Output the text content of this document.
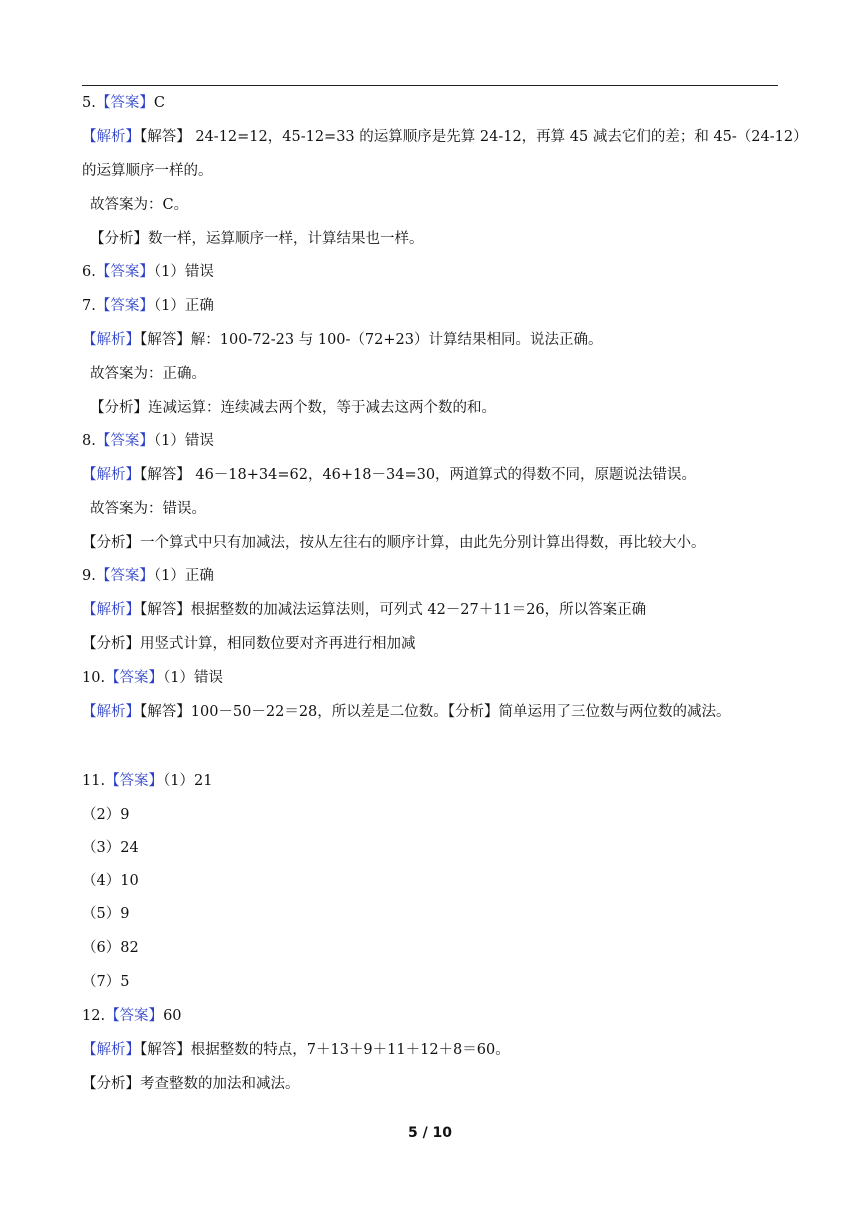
5.【答案】C
【解析】【解答】 24-12=12，45-12=33 的运算顺序是先算 24-12，再算 45 减去它们的差；和 45-（24-12）
的运算顺序一样的。
故答案为：C。
【分析】数一样，运算顺序一样，计算结果也一样。
6.【答案】（1）错误
7.【答案】（1）正确
【解析】【解答】解：100-72-23 与 100-（72+23）计算结果相同。说法正确。
故答案为：正确。
【分析】连减运算：连续减去两个数，等于减去这两个数的和。
8.【答案】（1）错误
【解析】【解答】 46－18+34=62，46+18－34=30，两道算式的得数不同，原题说法错误。
故答案为：错误。
【分析】一个算式中只有加减法，按从左往右的顺序计算，由此先分别计算出得数，再比较大小。
9.【答案】（1）正确
【解析】【解答】根据整数的加减法运算法则，可列式 42－27＋11＝26，所以答案正确
【分析】用竖式计算，相同数位要对齐再进行相加减
10.【答案】（1）错误
【解析】【解答】100－50－22＝28，所以差是二位数。【分析】简单运用了三位数与两位数的减法。
11.【答案】（1）21
（2）9
（3）24
（4）10
（5）9
（6）82
（7）5
12.【答案】60
【解析】【解答】根据整数的特点，7＋13＋9＋11＋12＋8＝60。
【分析】考查整数的加法和减法。
5 / 10
